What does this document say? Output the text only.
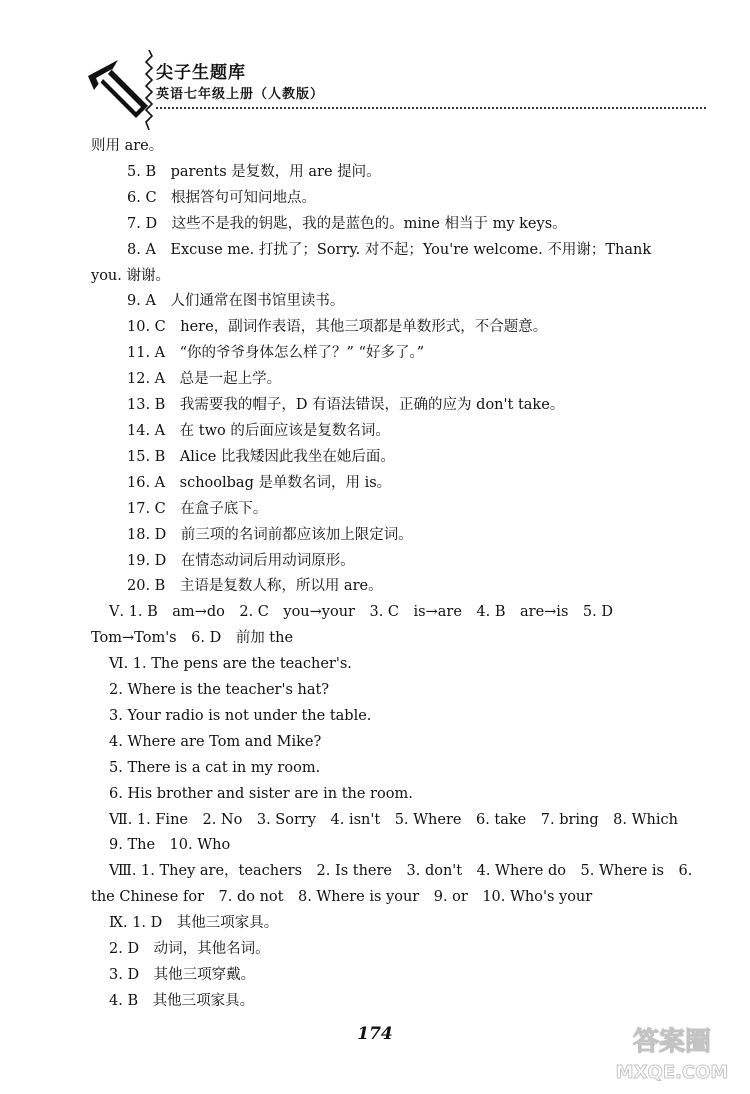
尖子生题库
英语七年级上册（人教版）
则用 are。
5. B　parents 是复数，用 are 提问。
6. C　根据答句可知问地点。
7. D　这些不是我的钥匙，我的是蓝色的。mine 相当于 my keys。
8. A　Excuse me. 打扰了；Sorry. 对不起；You're welcome. 不用谢；Thank
you. 谢谢。
9. A　人们通常在图书馆里读书。
10. C　here，副词作表语，其他三项都是单数形式，不合题意。
11. A　“你的爷爷身体怎么样了？” “好多了。”
12. A　总是一起上学。
13. B　我需要我的帽子，D 有语法错误，正确的应为 don't take。
14. A　在 two 的后面应该是复数名词。
15. B　Alice 比我矮因此我坐在她后面。
16. A　schoolbag 是单数名词，用 is。
17. C　在盒子底下。
18. D　前三项的名词前都应该加上限定词。
19. D　在情态动词后用动词原形。
20. B　主语是复数人称，所以用 are。
Ⅴ. 1. B　am→do　2. C　you→your　3. C　is→are　4. B　are→is　5. D
Tom→Tom's　6. D　前加 the
Ⅵ. 1. The pens are the teacher's.
2. Where is the teacher's hat?
3. Your radio is not under the table.
4. Where are Tom and Mike?
5. There is a cat in my room.
6. His brother and sister are in the room.
Ⅶ. 1. Fine　2. No　3. Sorry　4. isn't　5. Where　6. take　7. bring　8. Which
9. The　10. Who
Ⅷ. 1. They are，teachers　2. Is there　3. don't　4. Where do　5. Where is　6.
the Chinese for　7. do not　8. Where is your　9. or　10. Who's your
Ⅸ. 1. D　其他三项家具。
2. D　动词，其他名词。
3. D　其他三项穿戴。
4. B　其他三项家具。
174	答案圈
MXQE.COM
